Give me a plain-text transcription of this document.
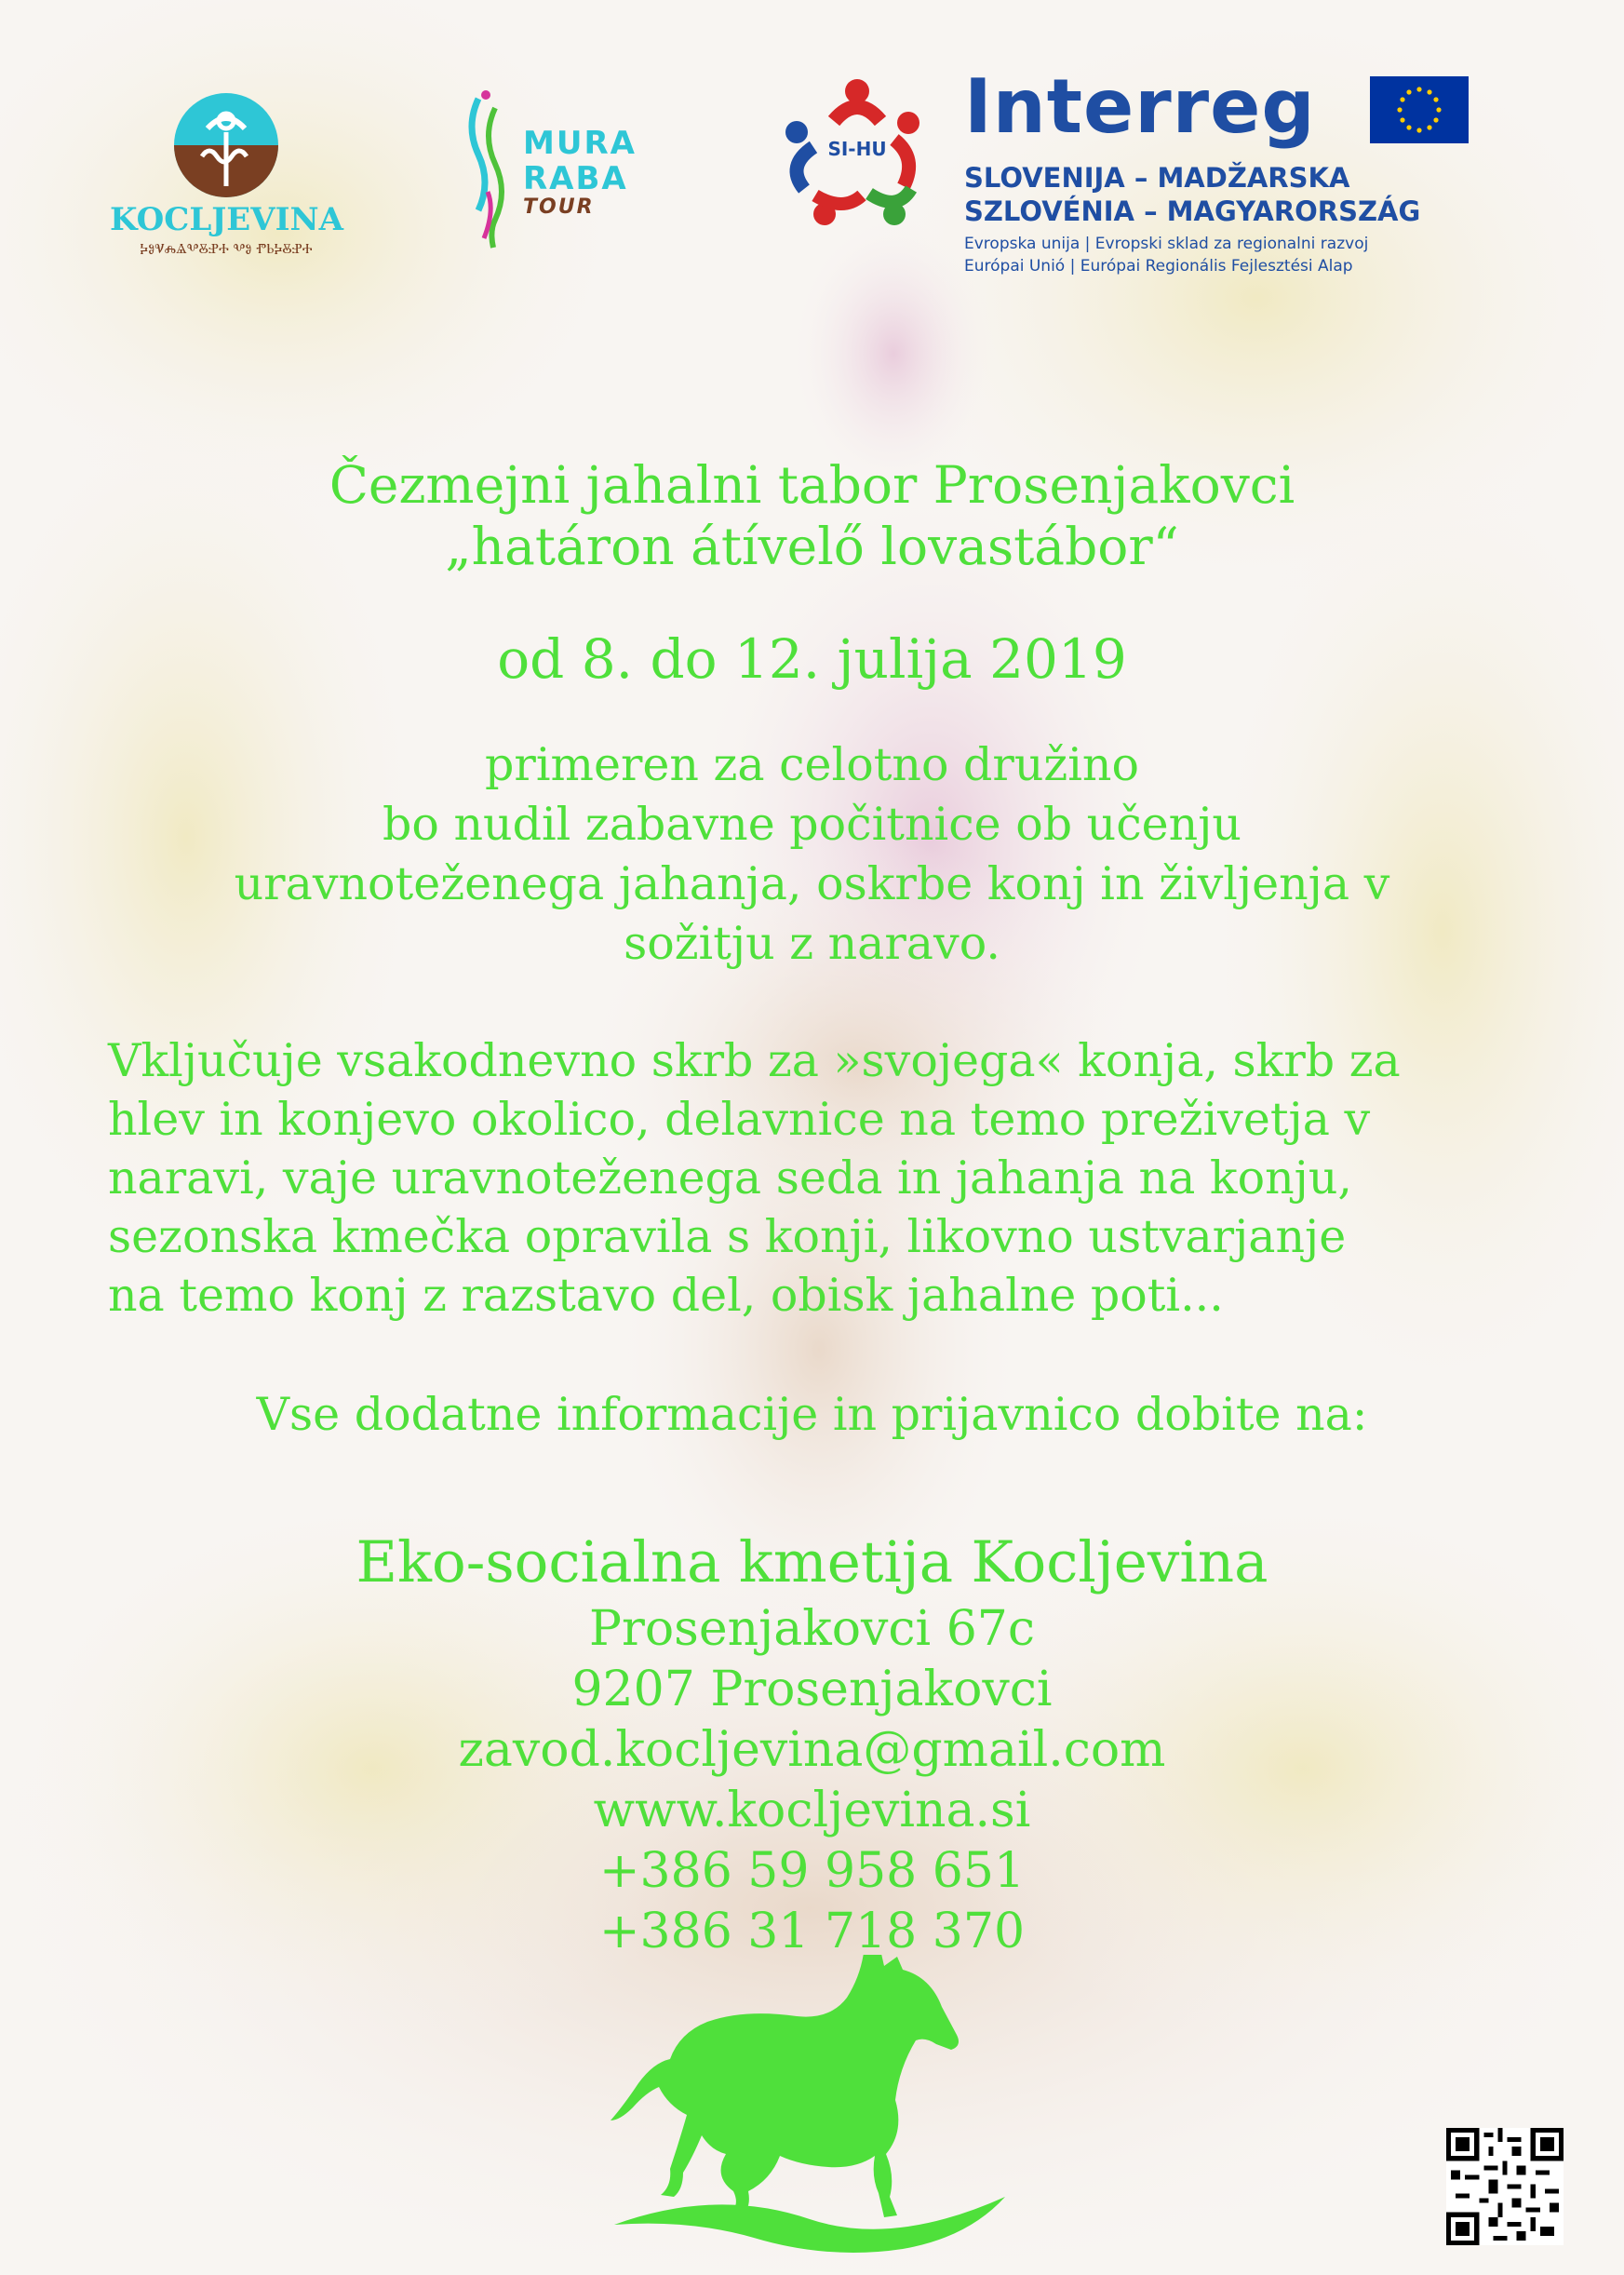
KOCLJEVINA
ⰍⰑⰜⰎⰡⰂⰋⰐⰀ ⰂⰑ ⰒⰓⰍⰋⰐⰀ
MURA
RABA
TOUR
SI-HU Interreg
SLOVENIJA – MADŽARSKA
SZLOVÉNIA – MAGYARORSZÁG
Evropska unija | Evropski sklad za regionalni razvoj
Európai Unió | Európai Regionális Fejlesztési Alap
Čezmejni jahalni tabor Prosenjakovci
„határon átívelő lovastábor“
od 8. do 12. julija 2019
primeren za celotno družino
bo nudil zabavne počitnice ob učenju
uravnoteženega jahanja, oskrbe konj in življenja v
sožitju z naravo.
Vključuje vsakodnevno skrb za »svojega« konja, skrb za
hlev in konjevo okolico, delavnice na temo preživetja v
naravi, vaje uravnoteženega seda in jahanja na konju,
sezonska kmečka opravila s konji, likovno ustvarjanje
na temo konj z razstavo del, obisk jahalne poti...
Vse dodatne informacije in prijavnico dobite na:
Eko-socialna kmetija Kocljevina
Prosenjakovci 67c
9207 Prosenjakovci
zavod.kocljevina@gmail.com
www.kocljevina.si
+386 59 958 651
+386 31 718 370
